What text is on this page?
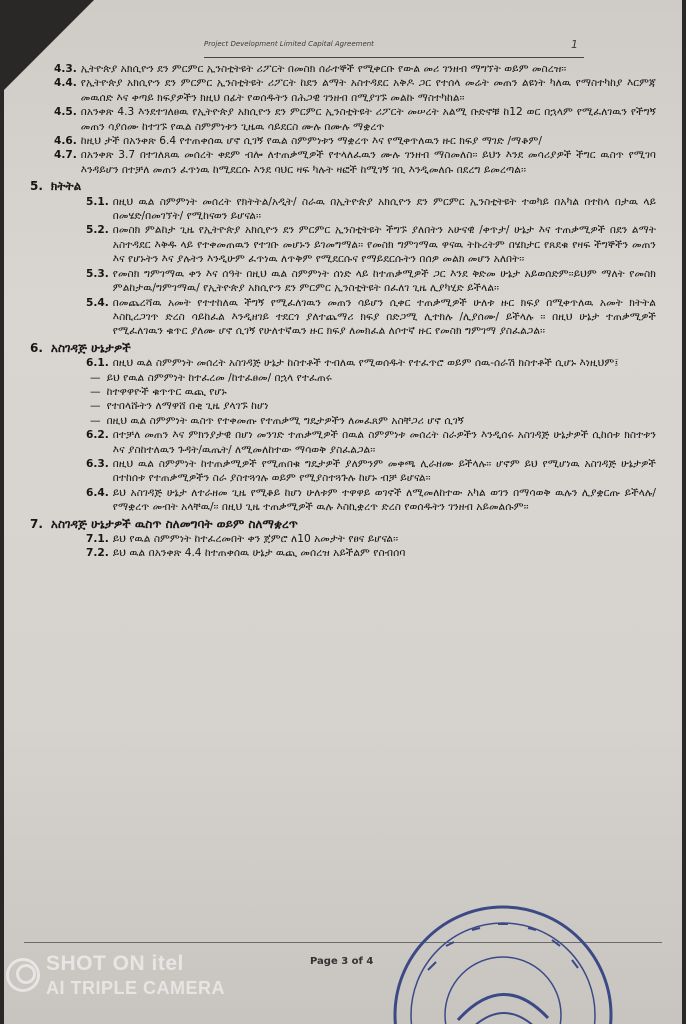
Project Development Limited Capital Agreement	1
4.3. ኢትዮጵያ አክሲዮን ደን ምርምር ኢንስቲትዩት ሪፖርት በመስክ ሰራተኞች የሚቀርቡ የውል መሪ ገንዘብ ማግኘት ወይም መስረዝ፡፡
4.4. የኢትዮጵያ አክሲዮን ደን ምርምር ኢንስቲትዩት ሪፖርት ከደን ልማት አስተዳደር አቅዶ ጋር የተሰላ መሬት መጠን ልዩነት ካለዉ የማስተካከያ እርምጃ መዉሰድ እና ቀጣይ ክፍያዎችን ክዚህ በፊት የወሰዱትን በሕጋዊ ገንዘብ በሚያገኙ መልኩ ማስተካከል፡፡
4.5. በአንቀጽ 4.3 እንደተገለፀዉ የኢትዮጵያ አክሲዮን ደን ምርምር ኢንስቲትዩት ሪፖርት መሠረት አልሚ ቡድኖቹ ከ12 ወር በኋላም የሚፈለገዉን የችግኝ መጠን ሳያሰሙ ከተገኙ የዉል ስምምነቱን ጊዜዉ ሳይደርስ ሙሉ በሙሉ ማቋረጥ
4.6. ከዚህ ታች በአንቀጽ 6.4 የተጠቀሰዉ ሆኖ ሲገኝ የዉል ስምምነቱን ማቋረጥ እና የሚቀጥለዉን ዙር ክፍያ ማገድ /ማቆም/
4.7. በአንቀጽ 3.7 በተገለጸዉ መሰረት ቀደም ብሎ ለተጠቃሚዎች የተላለፈዉን ሙሉ ገንዘብ ማስመለስ፡፡ ይህን እንደ መሳሪያዎች ችግር ዉስጥ የሚገባ እንዳይሆን በተቻለ መጠን ፈጥነዉ ከሚደርሱ እንደ ባህር ዛፍ ካሉት ዛፎች ከሚገኝ ገቢ እንዲመለሱ በደረግ ይመረጣል፡፡
5. ክትትል
5.1. በዚህ ዉል ስምምነት መሰረት የክትትል/አዲት/ ስራዉ በኢትዮጵያ አክሲዮን ደን ምርምር ኢንስቲትዩት ተወካይ በአካል በተከላ በታዉ ላይ በመሄድ/በመገኘት/ የሚከናወን ይሆናል፡፡
5.2. በመስክ ምልከታ ጊዜ የኢትዮጵያ አክሲዮን ደን ምርምር ኢንስቲትዩት ችግኙ ያለበትን አሁናዊ /ቀጥታ/ ሁኔታ እና ተጠቃሚዎች በደን ልማት አስተዳደር እቅዱ ላይ የተቀመጠዉን የተገቡ መሆኑን ይገመግማል፡፡ የመስክ ግምገማዉ ዋናዉ ትኩረትም በሄክታር የጸደቁ የዛፍ ችግኞችን መጠን እና የሆኑትን እና ያሉትን እንዲሁም ፈጥነዉ ለጥቅም የሚደርሱና የማይደርሱትን በሰዎ መልክ መሆን አለበት፡፡
5.3. የመስክ ግምገማዉ ቀን እና ሰዓት በዚህ ዉል ስምምነት ሰነድ ላይ ከተጠቃሚዎች ጋር እንደ ቅድመ ሁኔታ አይወሰድም፡፡ይህም ማለት የመስክ ምልከታዉ/ግምገማዉ/ የኢትዮጵያ አክሲዮን ደን ምርምር ኢንስቲትዩት በፈለገ ጊዜ ሊያካሂድ ይችላል፡፡
5.4. በመጨረሻዉ አመት የተተከለዉ ችግኝ የሚፈለገዉን መጠን ሳይሆን ሲቀር ተጠቃሚዎች ሁለቱ ዙር ክፍያ በሚቀጥለዉ አመት ክትትል እስኪረጋገጥ ድረስ ሳይከፈል እንዲዘገይ ተደርጎ ያለተጨማሪ ክፍያ በድጋሚ ሊተክሉ /ሊያሰሙ/ ይችላሉ ፡፡ በዚህ ሁኔታ ተጠቃሚዎች የሚፈለገዉን ቁጥር ያለሙ ሆኖ ሲገኝ የሁለተኛዉን ዙር ክፍያ ለመክፈል ለሶተኛ ዙር የመስክ ግምገማ ያስፈልጋል፡፡
6. አስገዳጅ ሁኔታዎች
6.1. በዚህ ዉል ስምምነት መሰረት አስገዳጅ ሁኔታ ከስተቶች ተብለዉ የሚወሰዱት የተፈጥሮ ወይም ሰዉ-ሰራሽ ክስተቶች ሲሆኑ እነዚህም፤
— ይህ የዉል ስምምነት ከተፈረመ /ከተፈፀመ/ በኋላ የተፈጠሩ
— ከተዋዋዮች ቁጥጥር ዉጪ የሆኑ
— የተበላሹትን ለማዋሸ በቂ ጊዜ ያላገኙ ከሆነ
— በዚህ ዉል ስምምነት ዉስጥ የተቀመጡ የተጠቃሚ ግዴታዎችን ለመፈጸም አስቸጋሪ ሆኖ ሲገኝ
6.2. በተቻለ መጠን እና ምክንያታዊ በሆነ መንገድ ተጠቃሚዎች በዉል ስምምነቱ መሰረት ስራዎችን እንዲሰሩ አስገዳጅ ሁኔታዎች ሲከሰቱ ክስተቱን እና ያስከተለዉን ጉዳት/ዉጤት/ ለሚመለከተው ማሳወቅ ያስፈልጋል፡፡
6.3. በዚህ ዉል ስምምነት ከተጠቃሚዎች የሚጠበቁ ግዴታዎች ያለምንም መቀጫ ሊራዘሙ ይችላሉ፡፡ ሆኖም ይህ የሚሆነዉ አስገዳጅ ሁኔታዎች በተከሰቱ የተጠቃሚዎችን ስራ ያስተጓጎሉ ወይም የሚያስተጓጉሉ ከሆኑ ብቻ ይሆናል፡፡
6.4. ይህ አስገዳጅ ሁኔታ ለተራዘመ ጊዜ የሚቆይ ከሆነ ሁለቱም ተዋዋይ ወገኖች ለሚመለከተው አካል ወገን በማሳወቅ ዉሉን ሊያቋርጡ ይችላሉ/የማቋረጥ መብት አላቸዉ/፡፡ በዚህ ጊዜ ተጠቃሚዎች ዉሉ እስኪቋረጥ ድረስ የወሰዱትን ገንዘብ አይመልሱም፡፡
7. አስገዳጅ ሁኔታዎች ዉስጥ ስለመግባት ወይም ስለማቋረጥ
7.1. ይህ የዉል ስምምነት ከተፈረመበት ቀን ጀምሮ ለ10 አመታት የፀና ይሆናል፡፡
7.2. ይህ ዉል በአንቀጽ 4.4 ከተጠቀሰዉ ሁኔታ ዉጪ መሰረዝ አይችልም የስብሰባ
Page 3 of 4
SHOT ON itel
AI TRIPLE CAMERA
